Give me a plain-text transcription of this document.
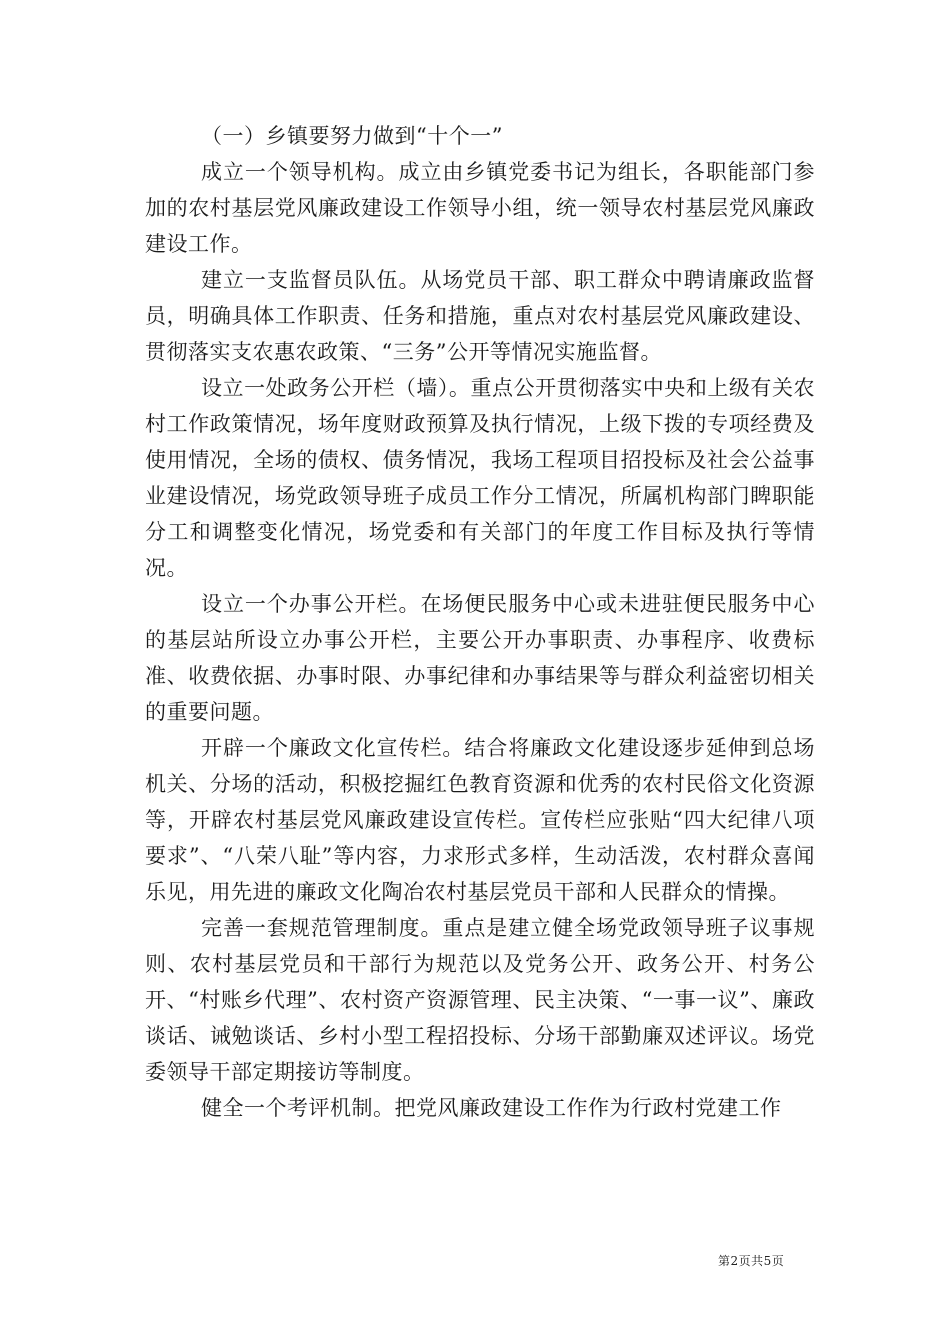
（一）乡镇要努力做到“十个一”

成立一个领导机构。成立由乡镇党委书记为组长，各职能部门参加的农村基层党风廉政建设工作领导小组，统一领导农村基层党风廉政建设工作。

建立一支监督员队伍。从场党员干部、职工群众中聘请廉政监督员，明确具体工作职责、任务和措施，重点对农村基层党风廉政建设、贯彻落实支农惠农政策、“三务”公开等情况实施监督。

设立一处政务公开栏（墙）。重点公开贯彻落实中央和上级有关农村工作政策情况，场年度财政预算及执行情况，上级下拨的专项经费及使用情况，全场的债权、债务情况，我场工程项目招投标及社会公益事业建设情况，场党政领导班子成员工作分工情况，所属机构部门睥职能分工和调整变化情况，场党委和有关部门的年度工作目标及执行等情况。

设立一个办事公开栏。在场便民服务中心或未进驻便民服务中心的基层站所设立办事公开栏，主要公开办事职责、办事程序、收费标准、收费依据、办事时限、办事纪律和办事结果等与群众利益密切相关的重要问题。

开辟一个廉政文化宣传栏。结合将廉政文化建设逐步延伸到总场机关、分场的活动，积极挖掘红色教育资源和优秀的农村民俗文化资源等，开辟农村基层党风廉政建设宣传栏。宣传栏应张贴“四大纪律八项要求”、“八荣八耻”等内容，力求形式多样，生动活泼，农村群众喜闻乐见，用先进的廉政文化陶冶农村基层党员干部和人民群众的情操。

完善一套规范管理制度。重点是建立健全场党政领导班子议事规则、农村基层党员和干部行为规范以及党务公开、政务公开、村务公开、“村账乡代理”、农村资产资源管理、民主决策、“一事一议”、廉政谈话、诫勉谈话、乡村小型工程招投标、分场干部勤廉双述评议。场党委领导干部定期接访等制度。

健全一个考评机制。把党风廉政建设工作作为行政村党建工作

第2页共5页
